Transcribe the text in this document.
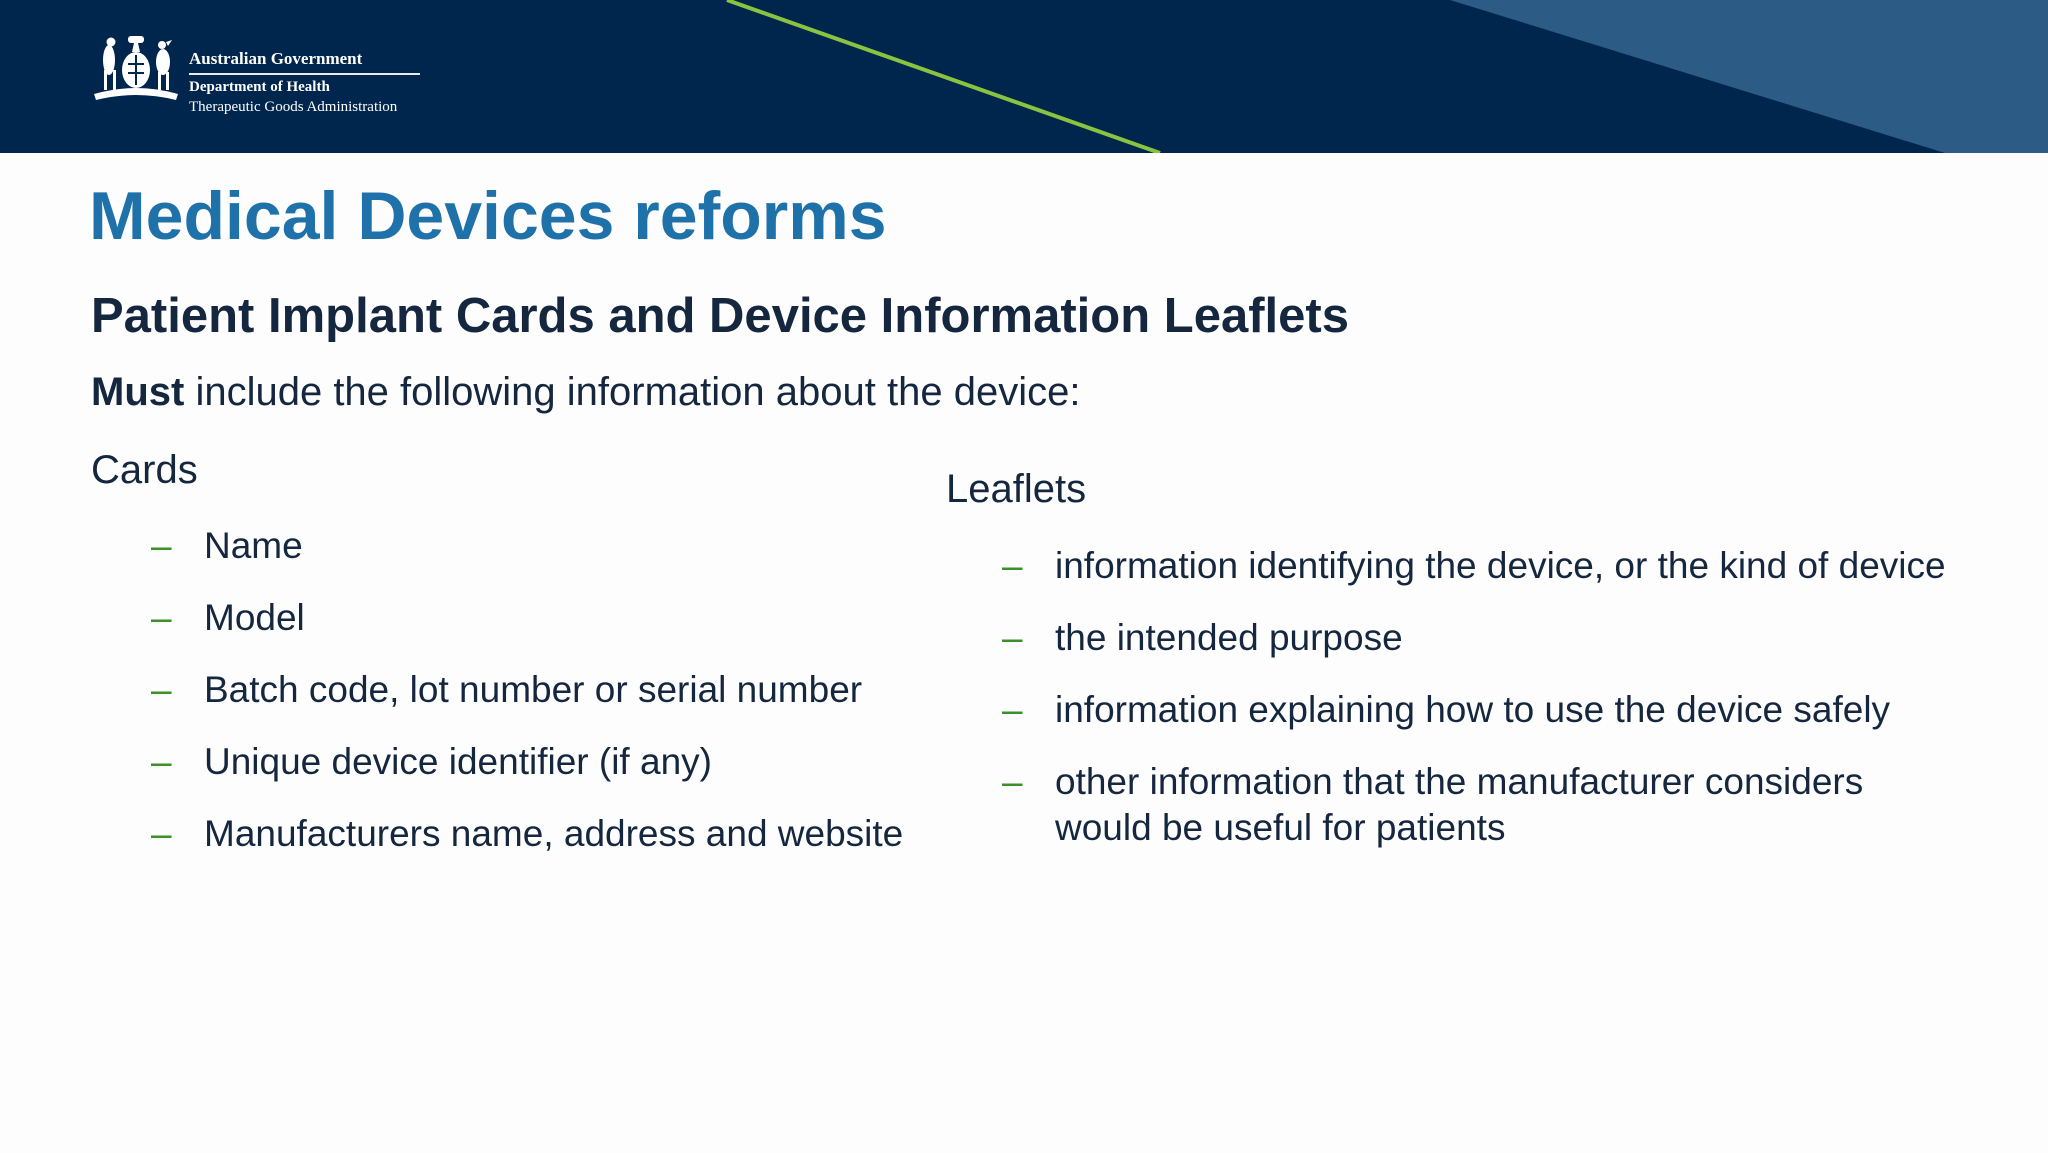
Australian Government
Department of Health
Therapeutic Goods Administration
Medical Devices reforms
Patient Implant Cards and Device Information Leaflets
Must include the following information about the device:
Cards
– Name
– Model
– Batch code, lot number or serial number
– Unique device identifier (if any)
– Manufacturers name, address and website
Leaflets
– information identifying the device, or the kind of device
– the intended purpose
– information explaining how to use the device safely
– other information that the manufacturer considers would be useful for patients
